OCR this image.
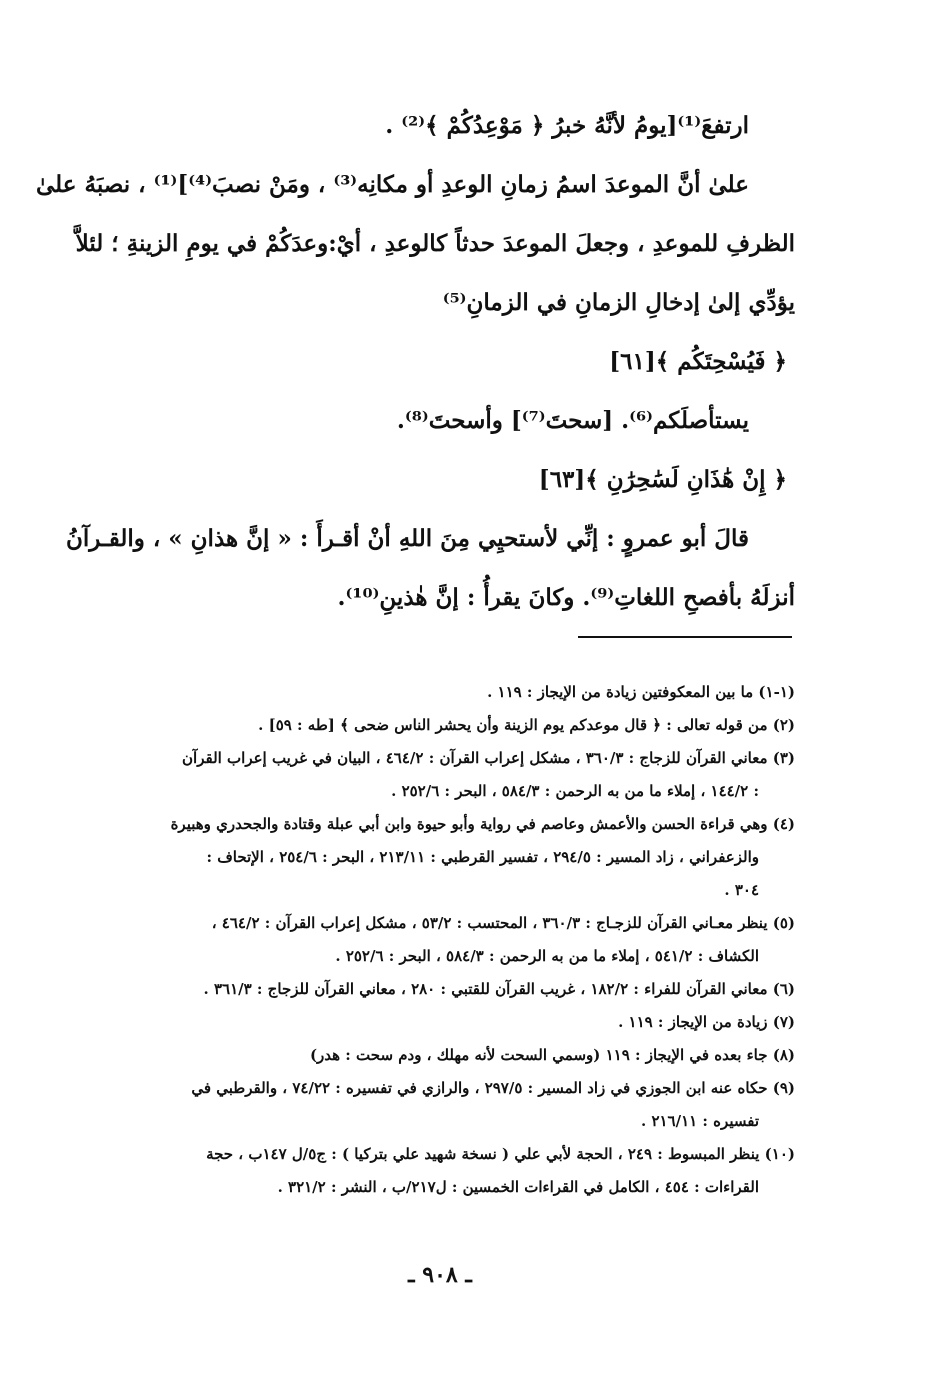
ارتفعَ⁽¹⁾[يومُ لأنَّهُ خبرُ ﴿ مَوْعِدُكُمْ ﴾⁽²⁾ .
علىٰ أنَّ الموعدَ اسمُ زمانِ الوعدِ أو مكانِه⁽³⁾ ، ومَنْ نصبَ⁽⁴⁾]⁽¹⁾ ، نصبَهُ علىٰ
الظرفِ للموعدِ ، وجعلَ الموعدَ حدثاً كالوعدِ ، أيْ:وعدَكُمْ في يومِ الزينةِ ؛ لئلاَّ
يؤدِّي إلىٰ إدخالِ الزمانِ في الزمانِ⁽⁵⁾
﴿ فَيُسْحِتَكُم ﴾[٦١]
يستأصلَكم⁽⁶⁾. [سحتَ⁽⁷⁾] وأسحتَ⁽⁸⁾.
﴿ إِنْ هَٰذَانِ لَسَٰحِرَٰنِ ﴾[٦٣]
قالَ أبو عمروٍ : إنِّي لأستحيِي مِنَ اللهِ أنْ أقـرأَ : « إنَّ هذانِ » ، والقـرآنُ
أنزلَهُ بأفصحِ اللغاتِ⁽⁹⁾. وكانَ يقرأُ : إنَّ هٰذينِ⁽¹⁰⁾.
(١-١) ما بين المعكوفتين زيادة من الإيجاز : ١١٩ .
(٢) من قوله تعالى : ﴿ قال موعدكم يوم الزينة وأن يحشر الناس ضحى ﴾ [طه : ٥٩] .
(٣) معاني القرآن للزجاج : ٣٦٠/٣ ، مشكل إعراب القرآن : ٤٦٤/٢ ، البيان في غريب إعراب القرآن
: ١٤٤/٢ ، إملاء ما من به الرحمن : ٥٨٤/٣ ، البحر : ٢٥٢/٦ .
(٤) وهي قراءة الحسن والأعمش وعاصم في رواية وأبو حيوة وابن أبي عبلة وقتادة والجحدري وهبيرة
والزعفراني ، زاد المسير : ٢٩٤/٥ ، تفسير القرطبي : ٢١٣/١١ ، البحر : ٢٥٤/٦ ، الإتحاف :
٣٠٤ .
(٥) ينظر معـاني القرآن للزجـاج : ٣٦٠/٣ ، المحتسب : ٥٣/٢ ، مشكل إعراب القرآن : ٤٦٤/٢ ،
الكشاف : ٥٤١/٢ ، إملاء ما من به الرحمن : ٥٨٤/٣ ، البحر : ٢٥٢/٦ .
(٦) معاني القرآن للفراء : ١٨٢/٢ ، غريب القرآن للقتبي : ٢٨٠ ، معاني القرآن للزجاج : ٣٦١/٣ .
(٧) زيادة من الإيجاز : ١١٩ .
(٨) جاء بعده في الإيجاز : ١١٩ (وسمي السحت لأنه مهلك ، ودم سحت : هدر)
(٩) حكاه عنه ابن الجوزي في زاد المسير : ٢٩٧/٥ ، والرازي في تفسيره : ٧٤/٢٢ ، والقرطبي في
تفسيره : ٢١٦/١١ .
(١٠) ينظر المبسوط : ٢٤٩ ، الحجة لأبي علي ( نسخة شهيد علي بتركيا ) : ج٥/ل ١٤٧ب ، حجة
القراءات : ٤٥٤ ، الكامل في القراءات الخمسين : ل٢١٧/ب ، النشر : ٣٢١/٢ .
ـ ٩٠٨ ـ
